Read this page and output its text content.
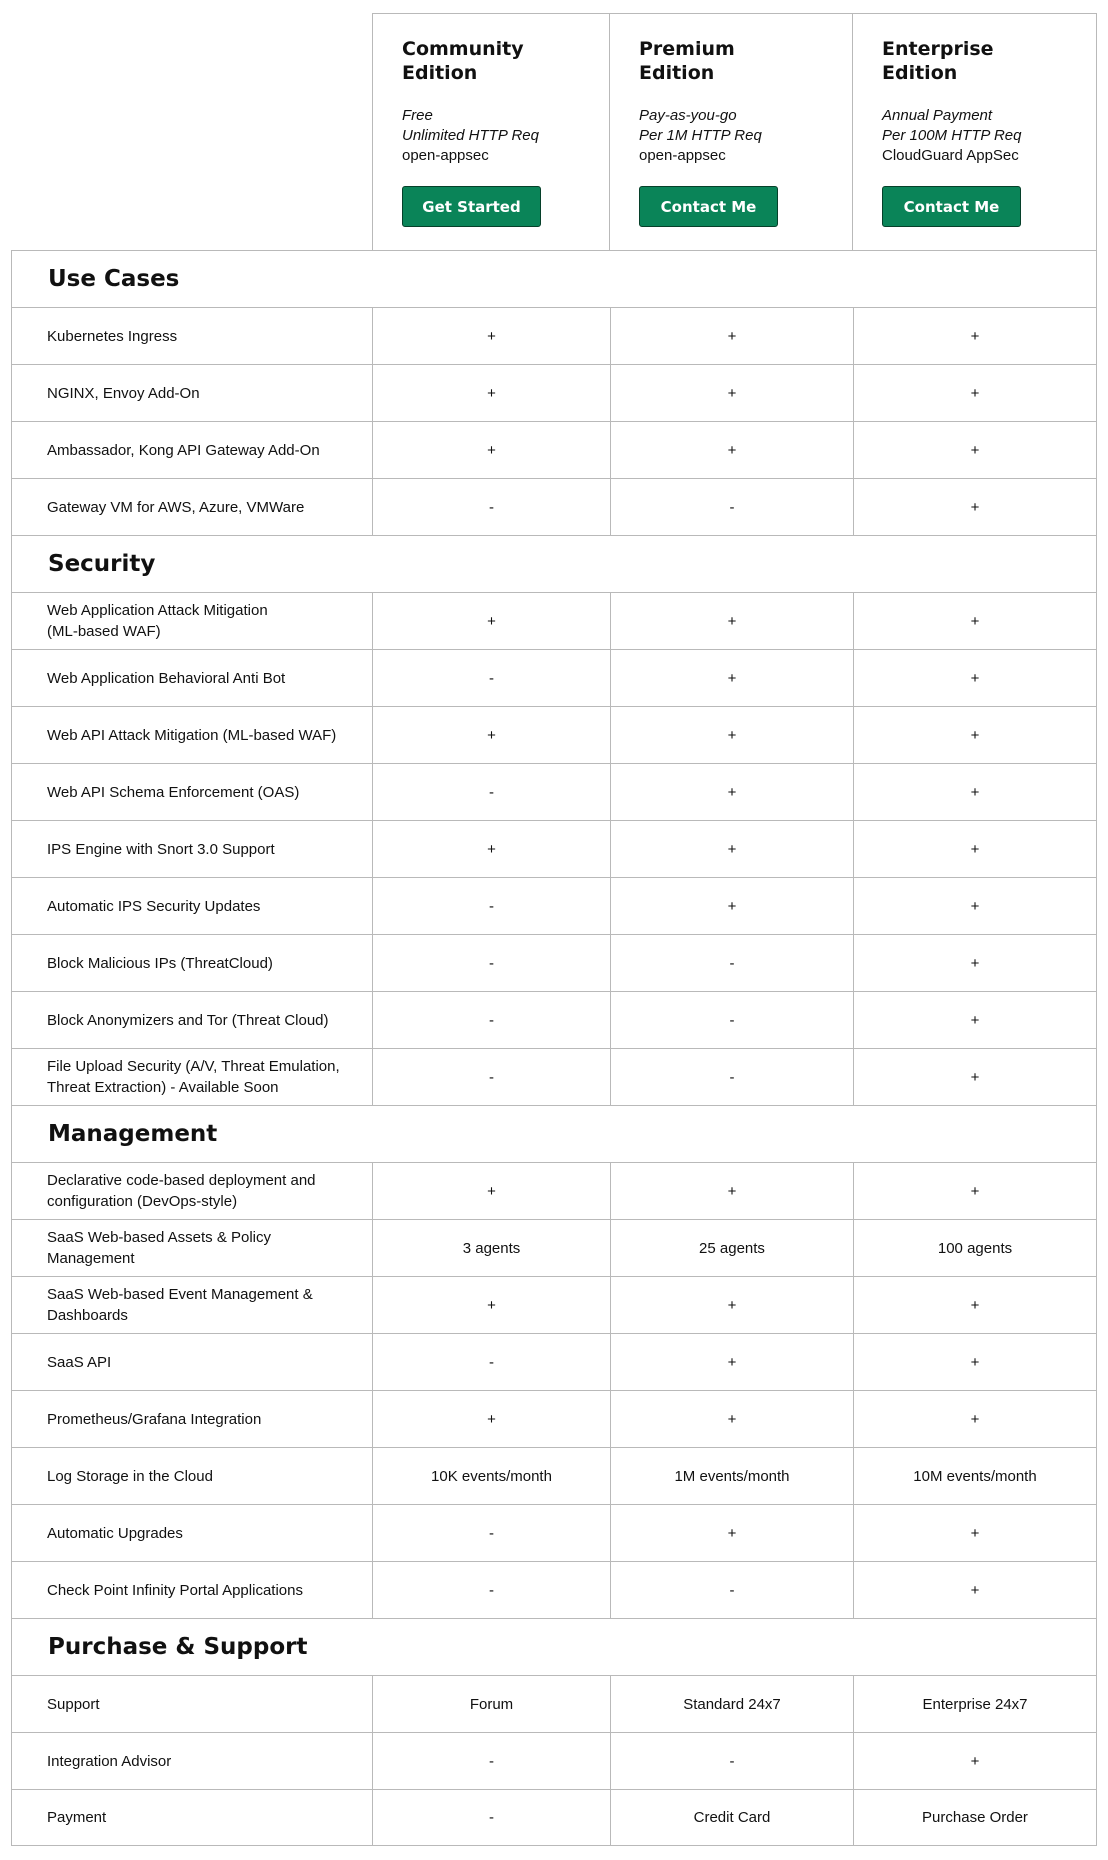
Community
Edition
Free
Unlimited HTTP Req
open-appsec
Get Started
Premium
Edition
Pay-as-you-go
Per 1M HTTP Req
open-appsec
Contact Me
Enterprise
Edition
Annual Payment
Per 100M HTTP Req
CloudGuard AppSec
Contact Me
Use Cases
Kubernetes Ingress	+	+	+
NGINX, Envoy Add-On	+	+	+
Ambassador, Kong API Gateway Add-On	+	+	+
Gateway VM for AWS, Azure, VMWare	-	-	+
Security
Web Application Attack Mitigation
(ML-based WAF)
+	+	+
Web Application Behavioral Anti Bot	-	+	+
Web API Attack Mitigation (ML-based WAF)	+	+	+
Web API Schema Enforcement (OAS)	-	+	+
IPS Engine with Snort 3.0 Support	+	+	+
Automatic IPS Security Updates	-	+	+
Block Malicious IPs (ThreatCloud)	-	-	+
Block Anonymizers and Tor (Threat Cloud)	-	-	+
File Upload Security (A/V, Threat Emulation,
Threat Extraction) - Available Soon
-	-	+
Management
Declarative code-based deployment and
configuration (DevOps-style)
+	+	+
SaaS Web-based Assets & Policy
Management
3 agents	25 agents	100 agents
SaaS Web-based Event Management &
Dashboards
+	+	+
SaaS API	-	+	+
Prometheus/Grafana Integration	+	+	+
Log Storage in the Cloud	10K events/month	1M events/month	10M events/month
Automatic Upgrades	-	+	+
Check Point Infinity Portal Applications	-	-	+
Purchase & Support
Support	Forum	Standard 24x7	Enterprise 24x7
Integration Advisor	-	-	+
Payment	-	Credit Card	Purchase Order
